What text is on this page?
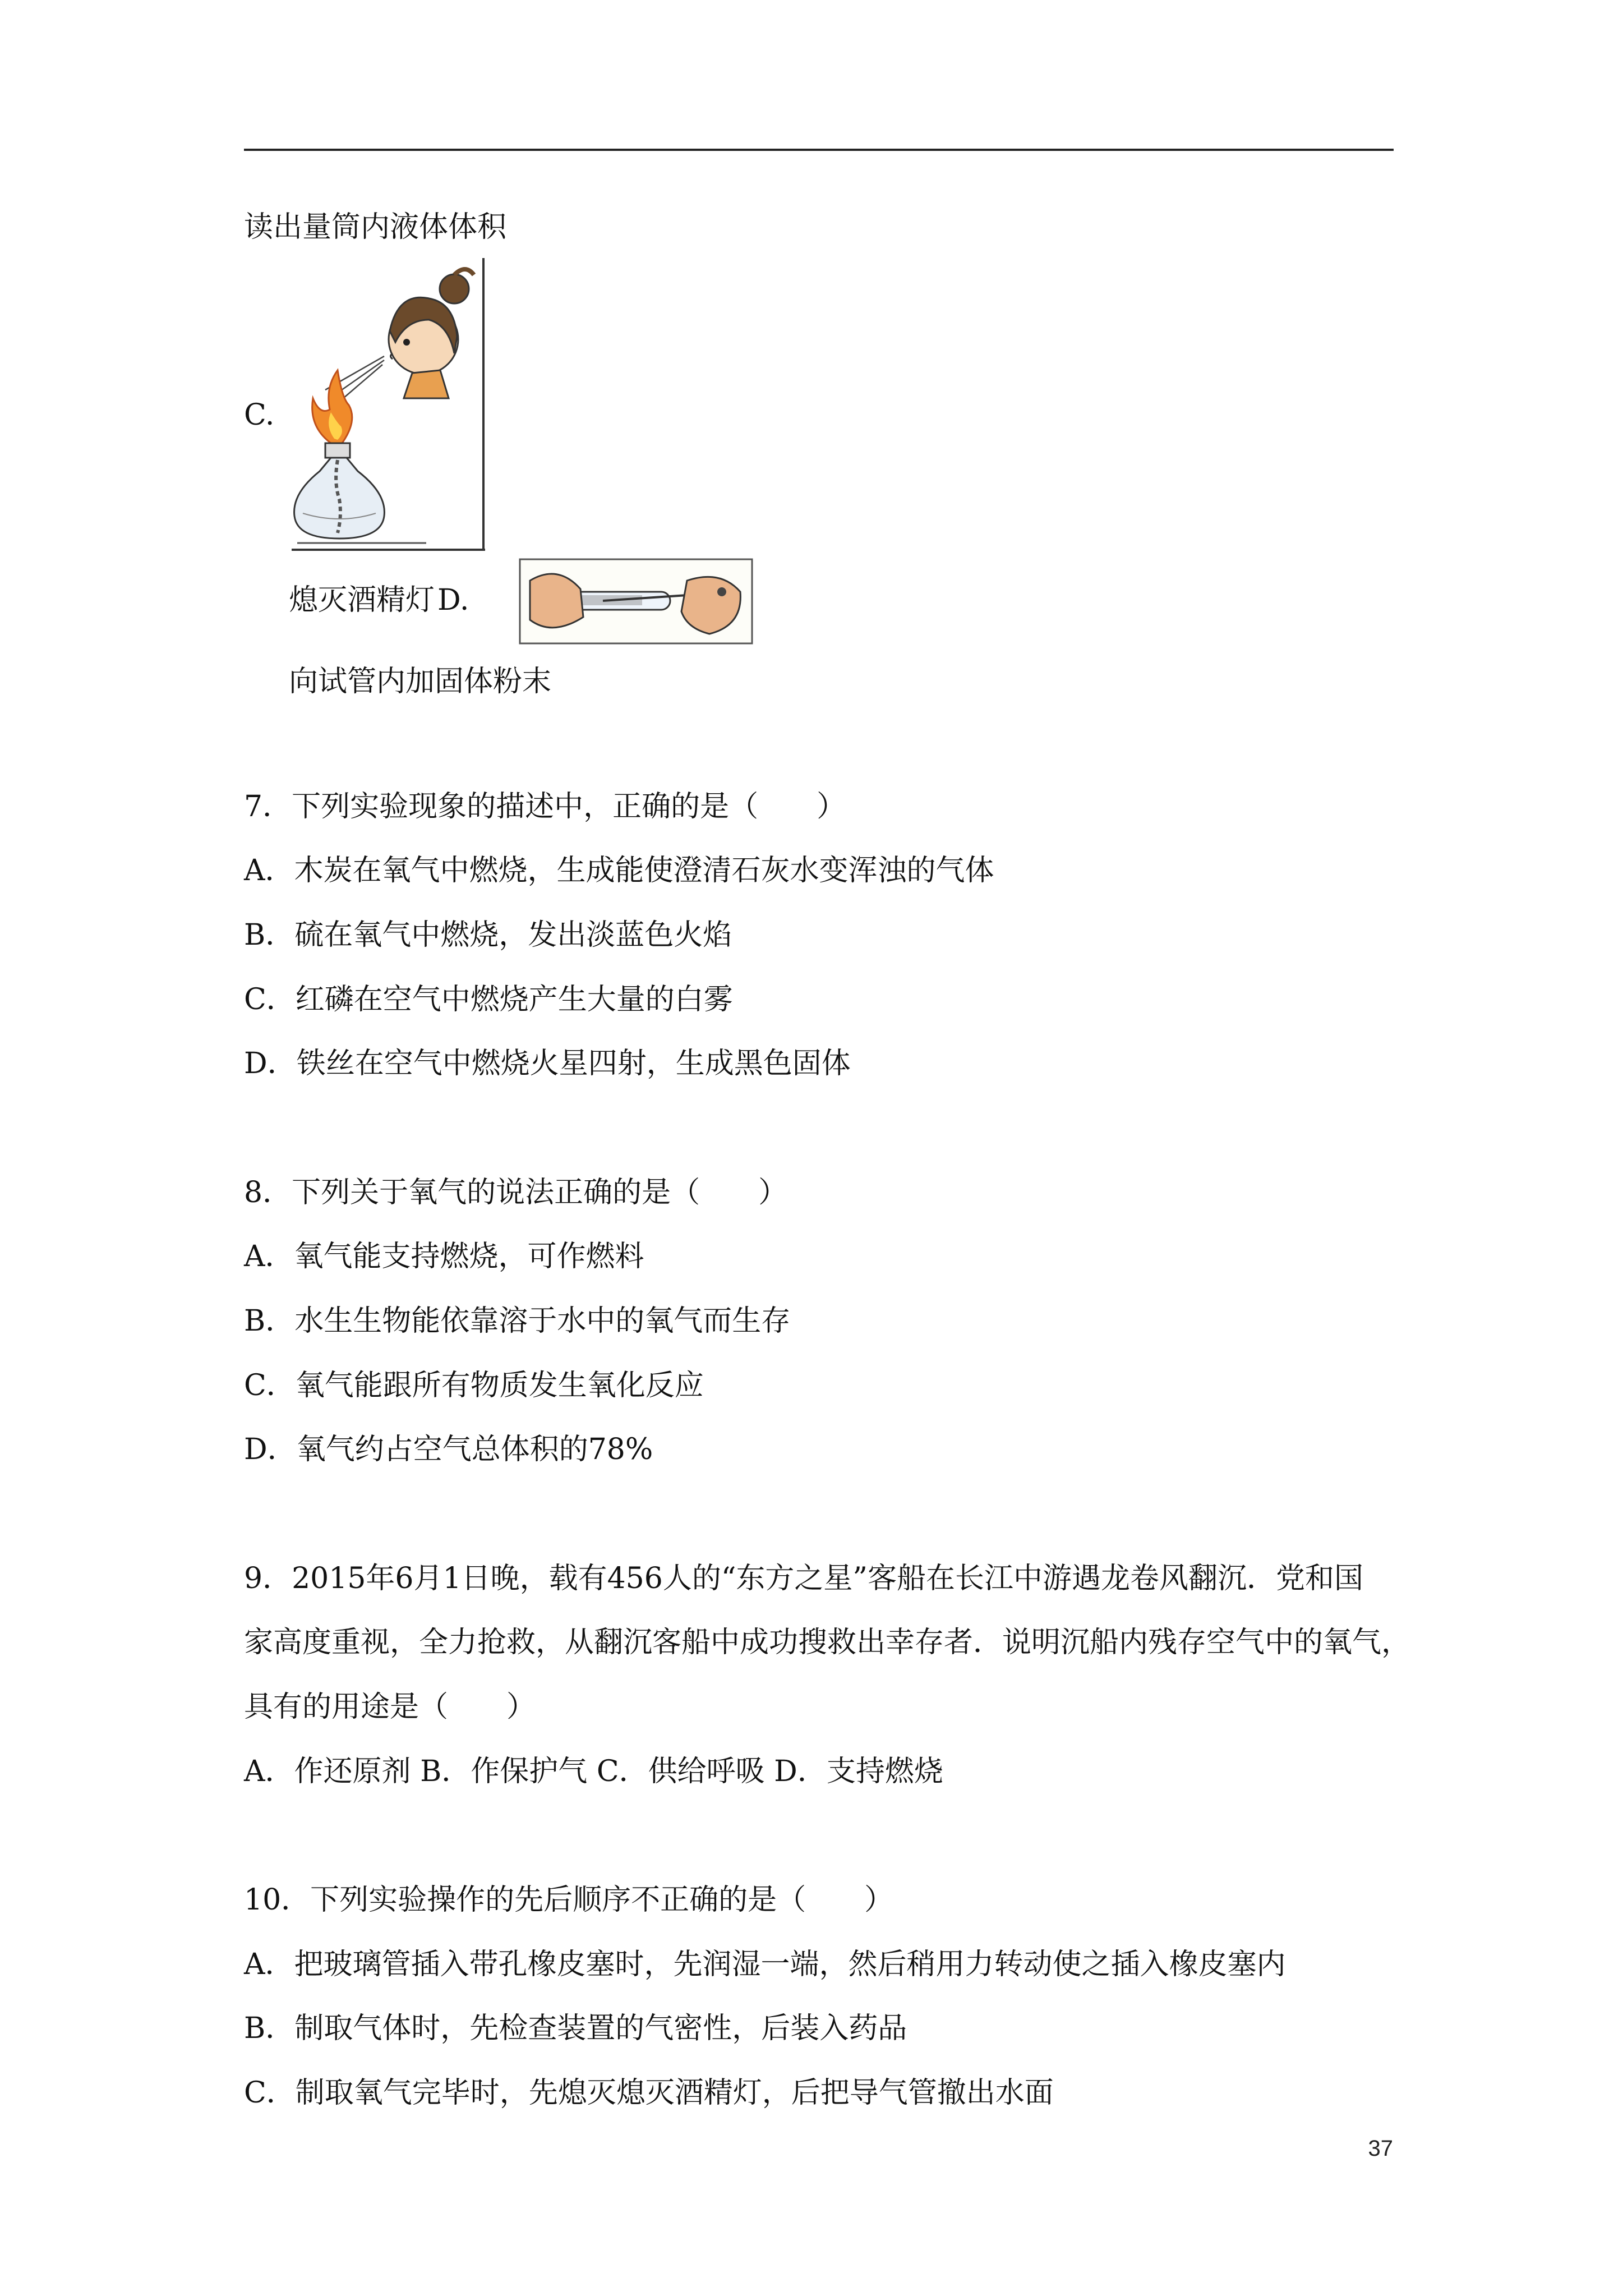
读出量筒内液体体积
C.
熄灭酒精灯 D.
向试管内加固体粉末
7．下列实验现象的描述中，正确的是（　　）
A．木炭在氧气中燃烧，生成能使澄清石灰水变浑浊的气体
B．硫在氧气中燃烧，发出淡蓝色火焰
C．红磷在空气中燃烧产生大量的白雾
D．铁丝在空气中燃烧火星四射，生成黑色固体
8．下列关于氧气的说法正确的是（　　）
A．氧气能支持燃烧，可作燃料
B．水生生物能依靠溶于水中的氧气而生存
C．氧气能跟所有物质发生氧化反应
D．氧气约占空气总体积的78%
9．2015年6月1日晚，载有456人的“东方之星”客船在长江中游遇龙卷风翻沉．党和国
家高度重视，全力抢救，从翻沉客船中成功搜救出幸存者．说明沉船内残存空气中的氧气，
具有的用途是（　　）
A．作还原剂 B．作保护气 C．供给呼吸 D．支持燃烧
10．下列实验操作的先后顺序不正确的是（　　）
A．把玻璃管插入带孔橡皮塞时，先润湿一端，然后稍用力转动使之插入橡皮塞内
B．制取气体时，先检查装置的气密性，后装入药品
C．制取氧气完毕时，先熄灭熄灭酒精灯，后把导气管撤出水面
37
